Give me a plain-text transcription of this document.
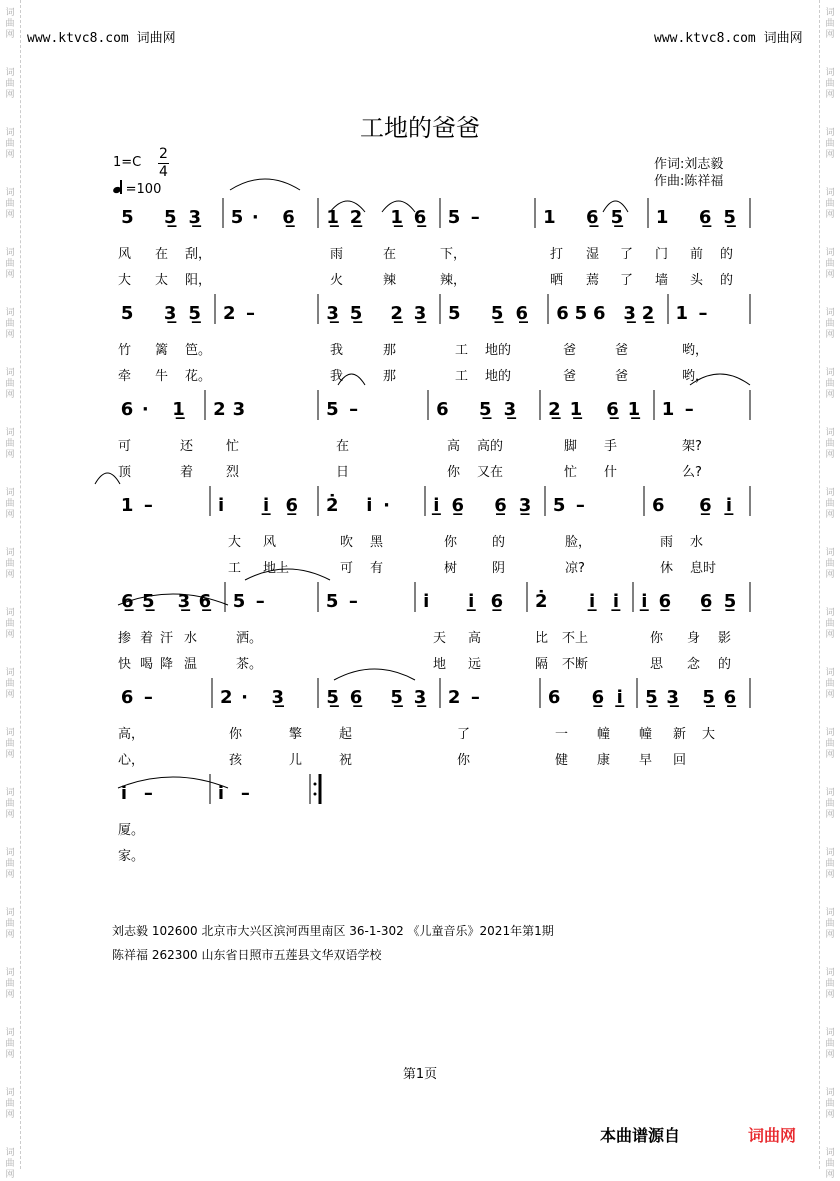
词
曲
网
词
曲
网
词
曲
网
词
曲
网
词
曲
网
词
曲
网
词
曲
网
词
曲
网
词
曲
网
词
曲
网
词
曲
网
词
曲
网
词
曲
网
词
曲
网
词
曲
网
词
曲
网
词
曲
网
词
曲
网
词
曲
网
词
曲
网
词
曲
网
词
曲
网
词
曲
网
词
曲
网
词
曲
网
词
曲
网
词
曲
网
词
曲
网
词
曲
网
词
曲
网
词
曲
网
词
曲
网
词
曲
网
词
曲
网
词
曲
网
词
曲
网
词
曲
网
词
曲
网
词
曲
网
词
曲
网
www.ktvc8.com 词曲网	www.ktvc8.com 词曲网
工地的爸爸
1=C
2
4
=100
作词:刘志毅
作曲:陈祥福
5 5̲3̲ 5· 6̲ 1̲2̲ 1̲6̲ 5 –	1 6̲5̲ 1 6̲5̲
5 3̲5̲ 2 –	3̲5̲ 2̲3̲ 5 5̲6̲ 656 3̲2̲ 1 –
6· 1̲ 2 3	5 –	6 5̲3̲ 2̲1̲ 6̲1̲ 1 –
1 –	i i̲6̲ 2̇ i· i̲6̲ 6̲3̲ 5 –	6 6̲i̲
6̲5̲ 3̲6̲ 5 –	5 –	i i̲6̲ 2̇ i̲i̲ i̲6̲ 6̲5̲
6 –	2· 3̲ 5̲6̲ 5̲3̲ 2 –	6 6̲i̲ 5̲3̲ 5̲6̲
i –	i –
风 在 刮，	雨	在	下，	打 湿 了 门 前 的
大 太 阳，	火	辣	辣，	晒 蔫 了 墙 头 的
竹 篱 笆。	我	那	工 地的	爸	爸	哟，
牵 牛 花。	我	那	工 地的	爸	爸	哟，
可	还	忙	在	高 高的	脚 手	架?
顶	着	烈	日	你 又在	忙 什	么?
大 风	吹 黑	你	的	脸，	雨 水
工 地上	可 有	树	阴	凉?	休 息时
掺 着 汗 水	洒。	天 高	比 不上	你 身 影
快 喝 降 温	茶。	地 远	隔 不断	思 念 的
高，	你	擎	起	了	一 幢 幢 新 大
心，	孩	儿	祝	你	健 康 早 回
厦。
家。
刘志毅 102600 北京市大兴区滨河西里南区 36-1-302 《儿童音乐》2021年第1期
陈祥福 262300 山东省日照市五莲县文华双语学校
第1页
本曲谱源自	词曲网
